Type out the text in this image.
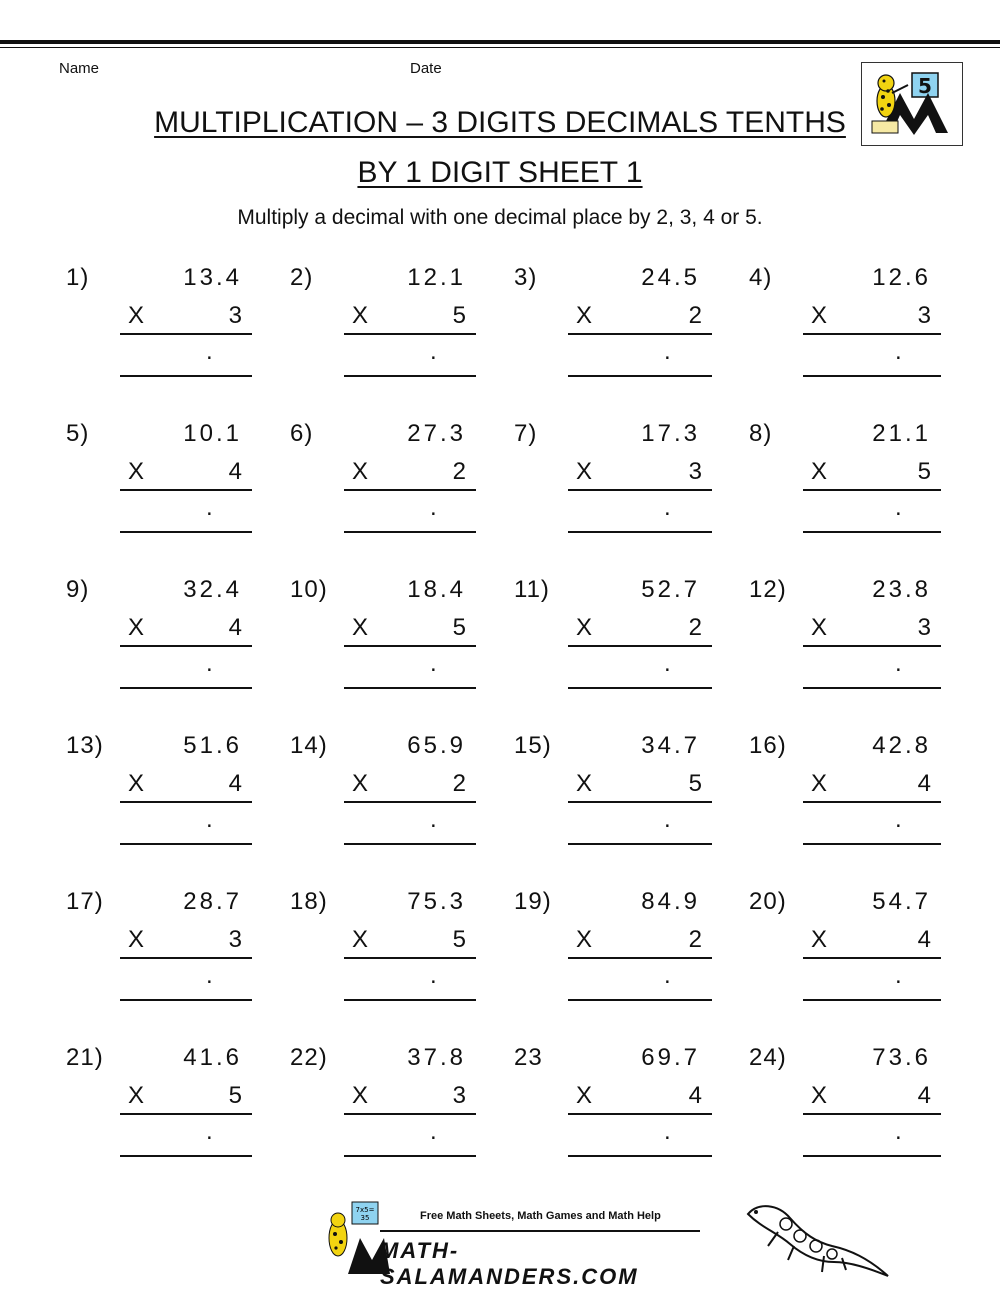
Name	Date
MULTIPLICATION – 3 DIGITS DECIMALS TENTHS
BY 1 DIGIT SHEET 1
Multiply a decimal with one decimal place by 2, 3, 4 or 5.
5
1)	13.4
X	3
.
2)	12.1
X	5
.
3)	24.5
X	2
.
4)	12.6
X	3
.
5)	10.1
X	4
.
6)	27.3
X	2
.
7)	17.3
X	3
.
8)	21.1
X	5
.
9)	32.4
X	4
.
10)	18.4
X	5
.
11)	52.7
X	2
.
12)	23.8
X	3
.
13)	51.6
X	4
.
14)	65.9
X	2
.
15)	34.7
X	5
.
16)	42.8
X	4
.
17)	28.7
X	3
.
18)	75.3
X	5
.
19)	84.9
X	2
.
20)	54.7
X	4
.
21)	41.6
X	5
.
22)	37.8
X	3
.
23	69.7
X	4
.
24)	73.6
X	4
.
7x5=
35	Free Math Sheets, Math Games and Math Help
MATH-SALAMANDERS.COM
